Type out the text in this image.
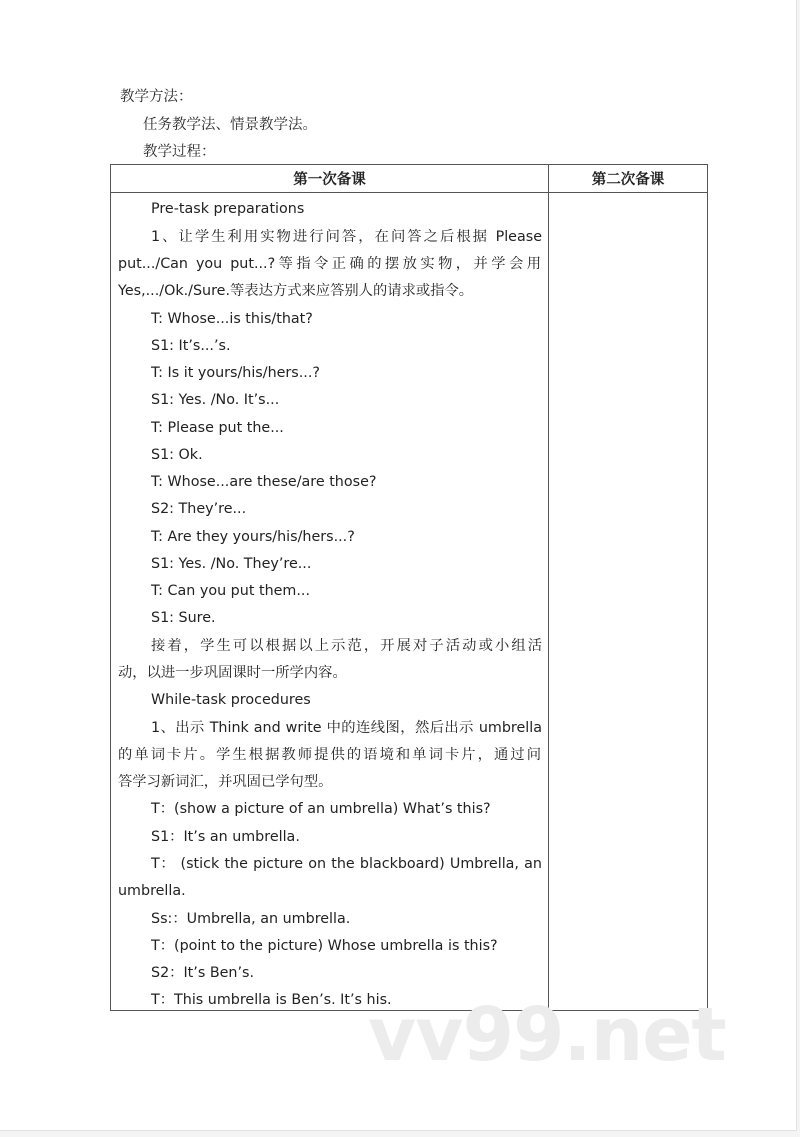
教学方法：
任务教学法、情景教学法。
教学过程：
第一次备课	第二次备课
Pre-task preparations
1、让学生利用实物进行问答，在问答之后根据 Please
put.../Can you put...?等指令正确的摆放实物，并学会用
Yes,.../Ok./Sure.等表达方式来应答别人的请求或指令。
T: Whose...is this/that?
S1: It’s...’s.
T: Is it yours/his/hers...?
S1: Yes. /No. It’s...
T: Please put the...
S1: Ok.
T: Whose...are these/are those?
S2: They’re...
T: Are they yours/his/hers...?
S1: Yes. /No. They’re...
T: Can you put them...
S1: Sure.
接着，学生可以根据以上示范，开展对子活动或小组活
动，以进一步巩固课时一所学内容。
While-task procedures
1、出示 Think and write 中的连线图，然后出示 umbrella
的单词卡片。学生根据教师提供的语境和单词卡片，通过问
答学习新词汇，并巩固已学句型。
T：(show a picture of an umbrella) What’s this?
S1：It’s an umbrella.
T： (stick the picture on the blackboard) Umbrella, an
umbrella.
Ss:：Umbrella, an umbrella.
T：(point to the picture) Whose umbrella is this?
S2：It’s Ben’s.
T：This umbrella is Ben’s. It’s his.
vv99.net
